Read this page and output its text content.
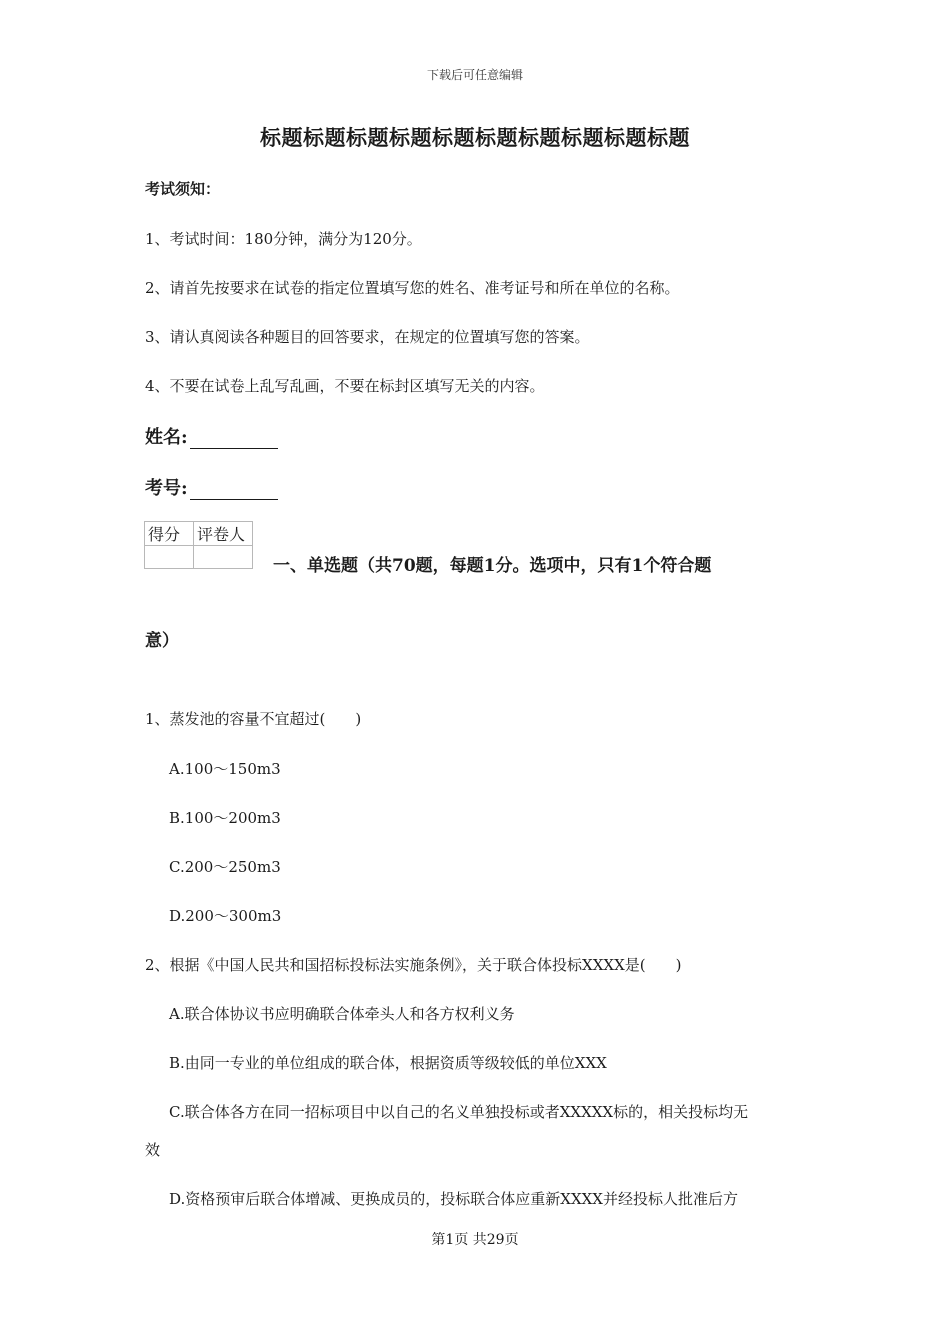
下载后可任意编辑
标题标题标题标题标题标题标题标题标题标题
考试须知：
1、考试时间：180分钟，满分为120分。
2、请首先按要求在试卷的指定位置填写您的姓名、准考证号和所在单位的名称。
3、请认真阅读各种题目的回答要求，在规定的位置填写您的答案。
4、不要在试卷上乱写乱画，不要在标封区填写无关的内容。
姓名:
考号:
得分	评卷人

一、单选题（共70题，每题1分。选项中，只有1个符合题
意）
1、蒸发池的容量不宜超过(　　)
A.100～150m3
B.100～200m3
C.200～250m3
D.200～300m3
2、根据《中国人民共和国招标投标法实施条例》，关于联合体投标XXXX是(　　)
A.联合体协议书应明确联合体牵头人和各方权利义务
B.由同一专业的单位组成的联合体，根据资质等级较低的单位XXX
C.联合体各方在同一招标项目中以自己的名义单独投标或者XXXXX标的，相关投标均无
效
D.资格预审后联合体增减、更换成员的，投标联合体应重新XXXX并经投标人批准后方
第1页 共29页
